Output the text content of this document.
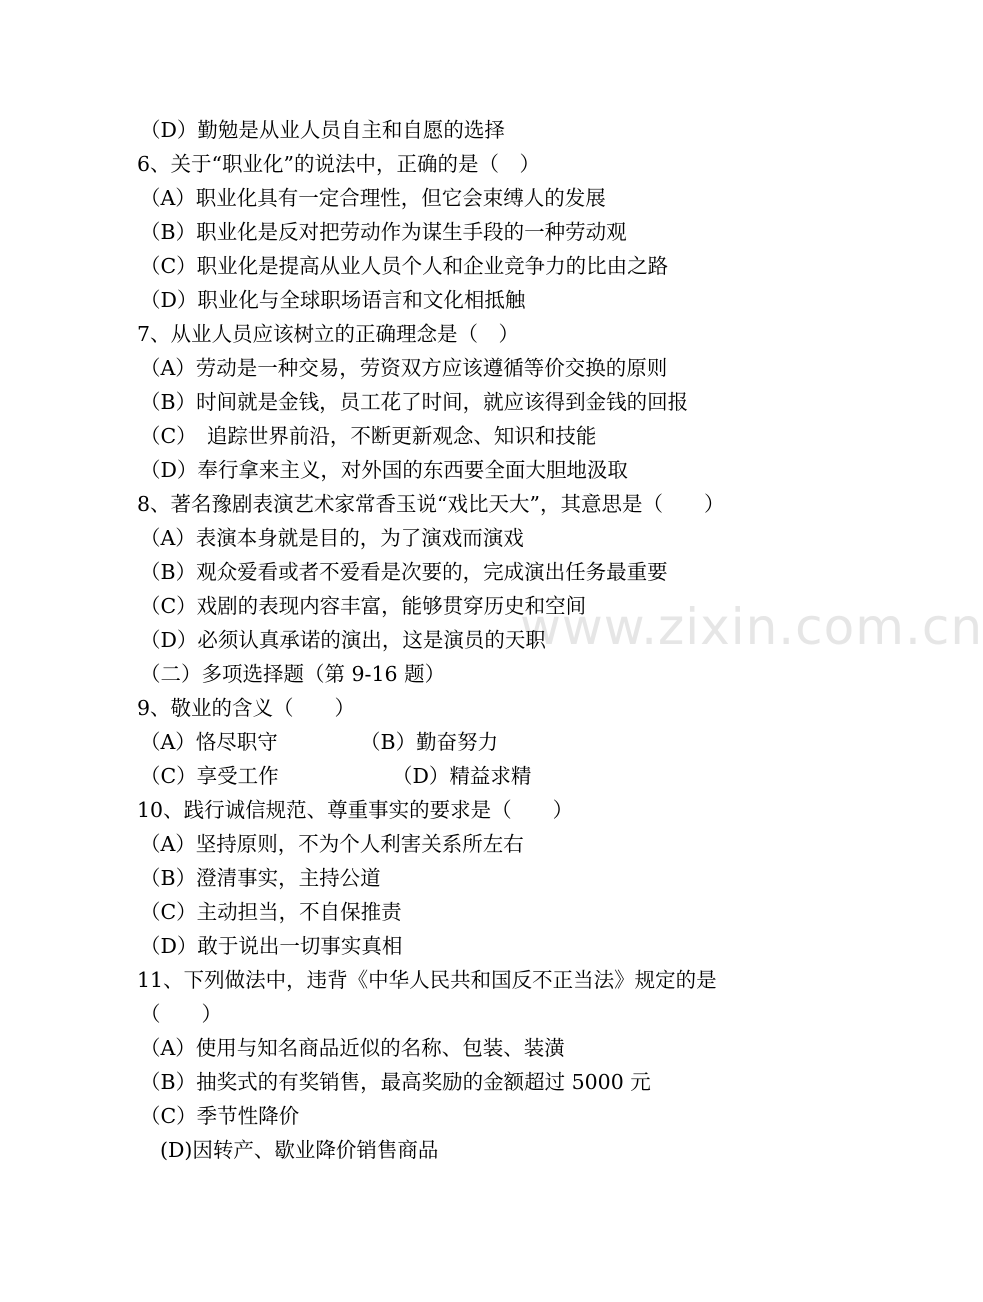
www.zixin.com.cn
（D）勤勉是从业人员自主和自愿的选择
6、关于“职业化”的说法中，正确的是（　）
（A）职业化具有一定合理性，但它会束缚人的发展
（B）职业化是反对把劳动作为谋生手段的一种劳动观
（C）职业化是提高从业人员个人和企业竞争力的比由之路
（D）职业化与全球职场语言和文化相抵触
7、从业人员应该树立的正确理念是（　）
（A）劳动是一种交易，劳资双方应该遵循等价交换的原则
（B）时间就是金钱，员工花了时间，就应该得到金钱的回报
（C）　追踪世界前沿，不断更新观念、知识和技能
（D）奉行拿来主义，对外国的东西要全面大胆地汲取
8、著名豫剧表演艺术家常香玉说“戏比天大”，其意思是（　　）
（A）表演本身就是目的，为了演戏而演戏
（B）观众爱看或者不爱看是次要的，完成演出任务最重要
（C）戏剧的表现内容丰富，能够贯穿历史和空间
（D）必须认真承诺的演出，这是演员的天职
（二）多项选择题（第 9-16 题）
9、敬业的含义（　　）
（A）恪尽职守	（B）勤奋努力
（C）享受工作	（D）精益求精
10、践行诚信规范、尊重事实的要求是（　　）
（A）坚持原则，不为个人利害关系所左右
（B）澄清事实，主持公道
（C）主动担当，不自保推责
（D）敢于说出一切事实真相
11、下列做法中，违背《中华人民共和国反不正当法》规定的是
（　　）
（A）使用与知名商品近似的名称、包装、装潢
（B）抽奖式的有奖销售，最高奖励的金额超过 5000 元
（C）季节性降价
(D)因转产、歇业降价销售商品
